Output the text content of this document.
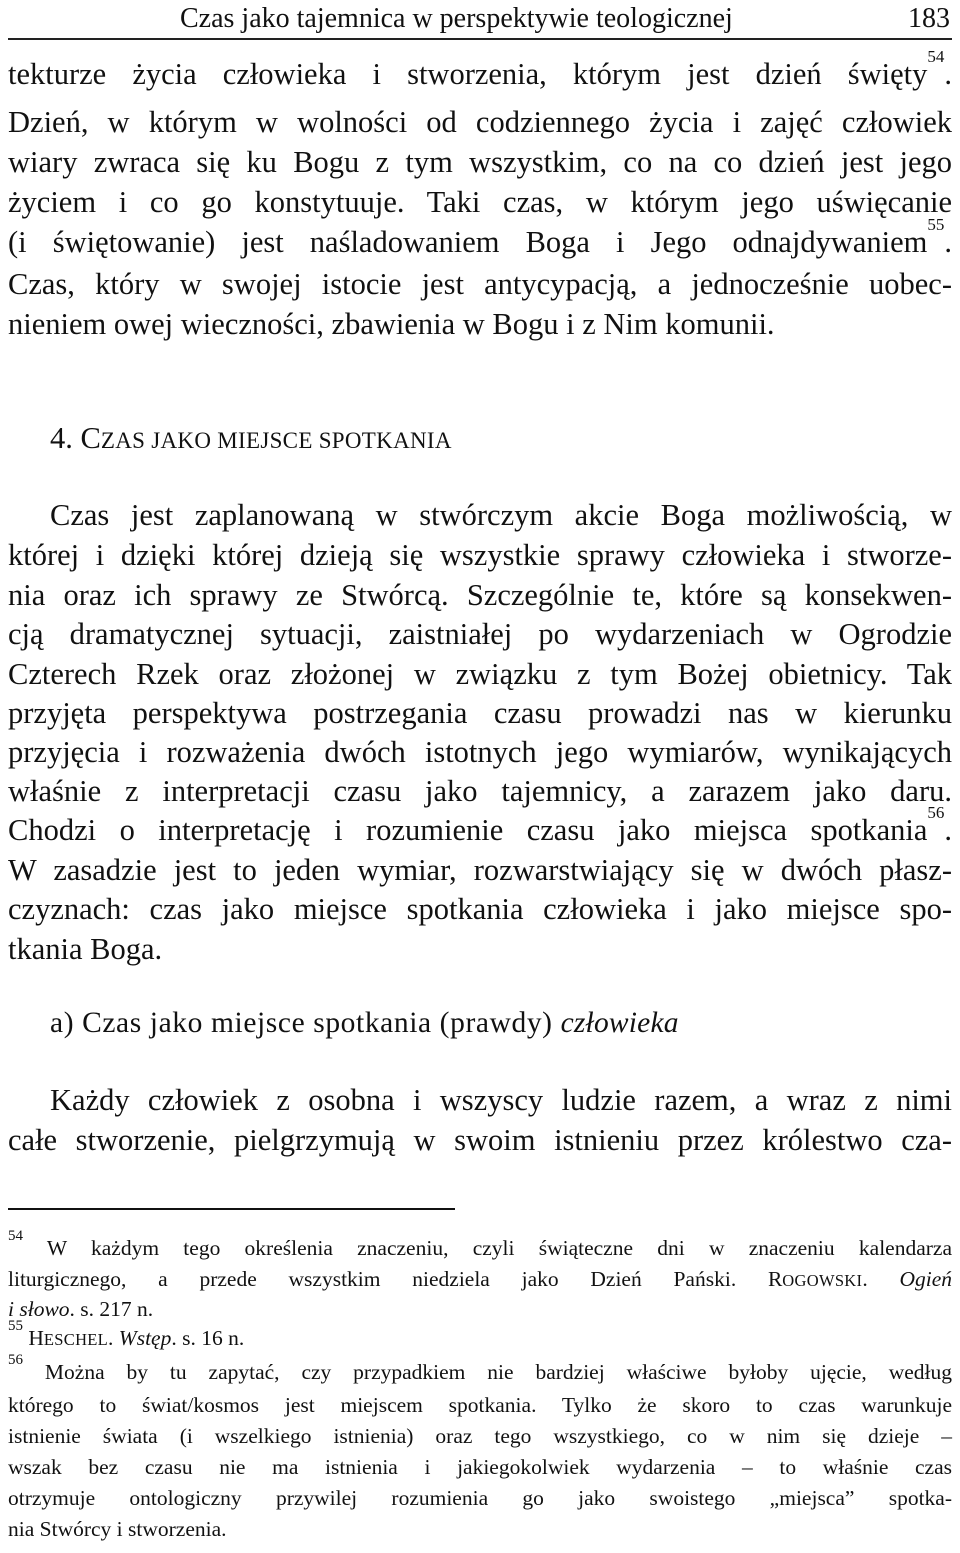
Czas jako tajemnica w perspektywie teologicznej	183
tekturze życia człowieka i stworzenia, którym jest dzień święty$^{54}$.
Dzień, w którym w wolności od codziennego życia i zajęć człowiek
wiary zwraca się ku Bogu z tym wszystkim, co na co dzień jest jego
życiem i co go konstytuuje. Taki czas, w którym jego uświęcanie
(i świętowanie) jest naśladowaniem Boga i Jego odnajdywaniem$^{55}$.
Czas, który w swojej istocie jest antycypacją, a jednocześnie uobec-
nieniem owej wieczności, zbawienia w Bogu i z Nim komunii.
4. CZAS JAKO MIEJSCE SPOTKANIA
Czas jest zaplanowaną w stwórczym akcie Boga możliwością, w
której i dzięki której dzieją się wszystkie sprawy człowieka i stworze-
nia oraz ich sprawy ze Stwórcą. Szczególnie te, które są konsekwen-
cją dramatycznej sytuacji, zaistniałej po wydarzeniach w Ogrodzie
Czterech Rzek oraz złożonej w związku z tym Bożej obietnicy. Tak
przyjęta perspektywa postrzegania czasu prowadzi nas w kierunku
przyjęcia i rozważenia dwóch istotnych jego wymiarów, wynikających
właśnie z interpretacji czasu jako tajemnicy, a zarazem jako daru.
Chodzi o interpretację i rozumienie czasu jako miejsca spotkania$^{56}$.
W zasadzie jest to jeden wymiar, rozwarstwiający się w dwóch płasz-
czyznach: czas jako miejsce spotkania człowieka i jako miejsce spo-
tkania Boga.
a) Czas jako miejsce spotkania (prawdy) człowieka
Każdy człowiek z osobna i wszyscy ludzie razem, a wraz z nimi
całe stworzenie, pielgrzymują w swoim istnieniu przez królestwo cza-
$^{54}$ W każdym tego określenia znaczeniu, czyli świąteczne dni w znaczeniu kalendarza
liturgicznego, a przede wszystkim niedziela jako Dzień Pański. ROGOWSKI. Ogień
i słowo. s. 217 n.
$^{55}$ HESCHEL. Wstęp. s. 16 n.
$^{56}$ Można by tu zapytać, czy przypadkiem nie bardziej właściwe byłoby ujęcie, według
którego to świat/kosmos jest miejscem spotkania. Tylko że skoro to czas warunkuje
istnienie świata (i wszelkiego istnienia) oraz tego wszystkiego, co w nim się dzieje –
wszak bez czasu nie ma istnienia i jakiegokolwiek wydarzenia – to właśnie czas
otrzymuje ontologiczny przywilej rozumienia go jako swoistego „miejsca” spotka-
nia Stwórcy i stworzenia.
